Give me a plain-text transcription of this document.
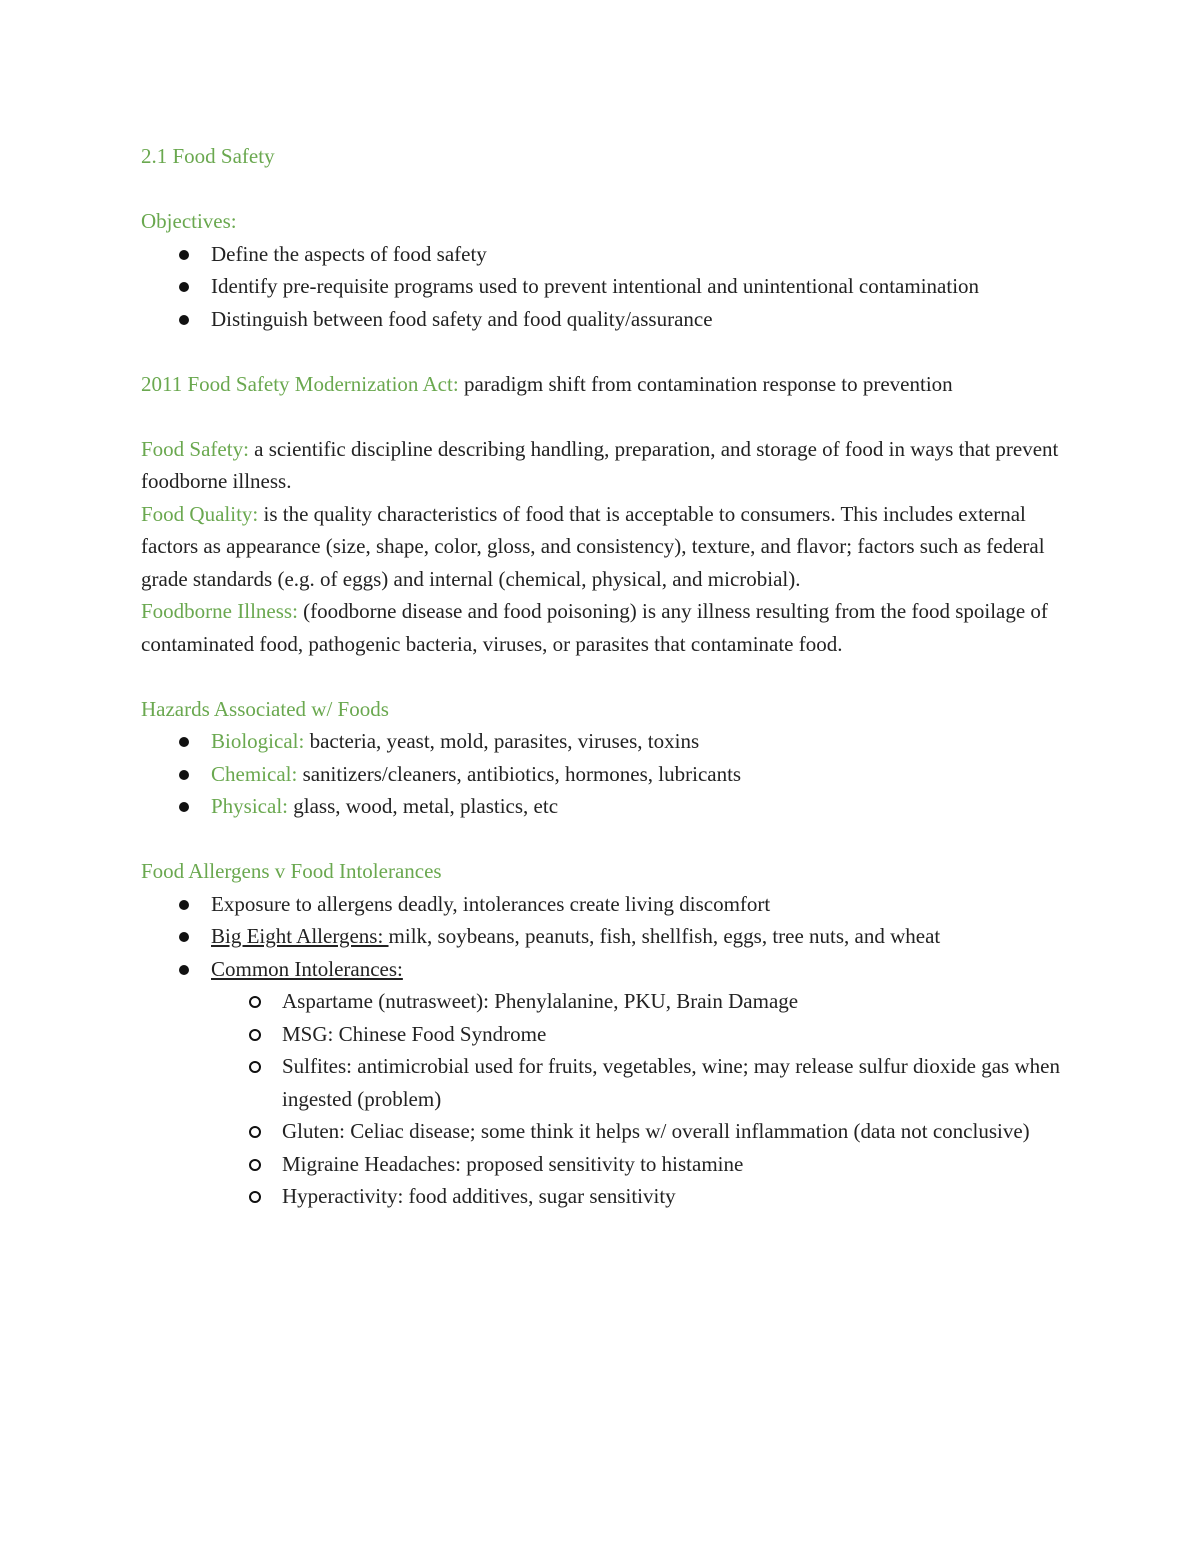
2.1 Food Safety

Objectives:

Define the aspects of food safety
Identify pre-requisite programs used to prevent intentional and unintentional contamination
Distinguish between food safety and food quality/assurance

2011 Food Safety Modernization Act: paradigm shift from contamination response to prevention

Food Safety: a scientific discipline describing handling, preparation, and storage of food in ways that prevent foodborne illness.

Food Quality: is the quality characteristics of food that is acceptable to consumers. This includes external factors as appearance (size, shape, color, gloss, and consistency), texture, and flavor; factors such as federal grade standards (e.g. of eggs) and internal (chemical, physical, and microbial).

Foodborne Illness: (foodborne disease and food poisoning) is any illness resulting from the food spoilage of contaminated food, pathogenic bacteria, viruses, or parasites that contaminate food.

Hazards Associated w/ Foods

Biological: bacteria, yeast, mold, parasites, viruses, toxins
Chemical: sanitizers/cleaners, antibiotics, hormones, lubricants
Physical: glass, wood, metal, plastics, etc

Food Allergens v Food Intolerances

Exposure to allergens deadly, intolerances create living discomfort
Big Eight Allergens: milk, soybeans, peanuts, fish, shellfish, eggs, tree nuts, and wheat
Common Intolerances:
Aspartame (nutrasweet): Phenylalanine, PKU, Brain Damage
MSG: Chinese Food Syndrome
Sulfites: antimicrobial used for fruits, vegetables, wine; may release sulfur dioxide gas when ingested (problem)
Gluten: Celiac disease; some think it helps w/ overall inflammation (data not conclusive)
Migraine Headaches: proposed sensitivity to histamine
Hyperactivity: food additives, sugar sensitivity
